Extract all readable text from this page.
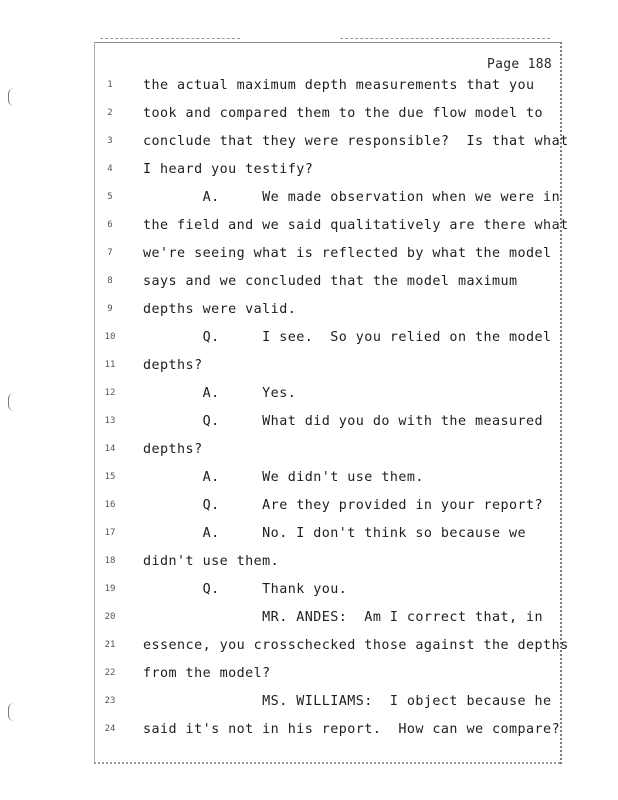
Page 188
1	the actual maximum depth measurements that you
2	took and compared them to the due flow model to
3	conclude that they were responsible?  Is that what
4	I heard you testify?
5	A.     We made observation when we were in
6	the field and we said qualitatively are there what
7	we're seeing what is reflected by what the model
8	says and we concluded that the model maximum
9	depths were valid.
10	Q.     I see.  So you relied on the model
11	depths?
12	A.     Yes.
13	Q.     What did you do with the measured
14	depths?
15	A.     We didn't use them.
16	Q.     Are they provided in your report?
17	A.     No. I don't think so because we
18	didn't use them.
19	Q.     Thank you.
20	MR. ANDES:  Am I correct that, in
21	essence, you crosschecked those against the depths
22	from the model?
23	MS. WILLIAMS:  I object because he
24	said it's not in his report.  How can we compare?
